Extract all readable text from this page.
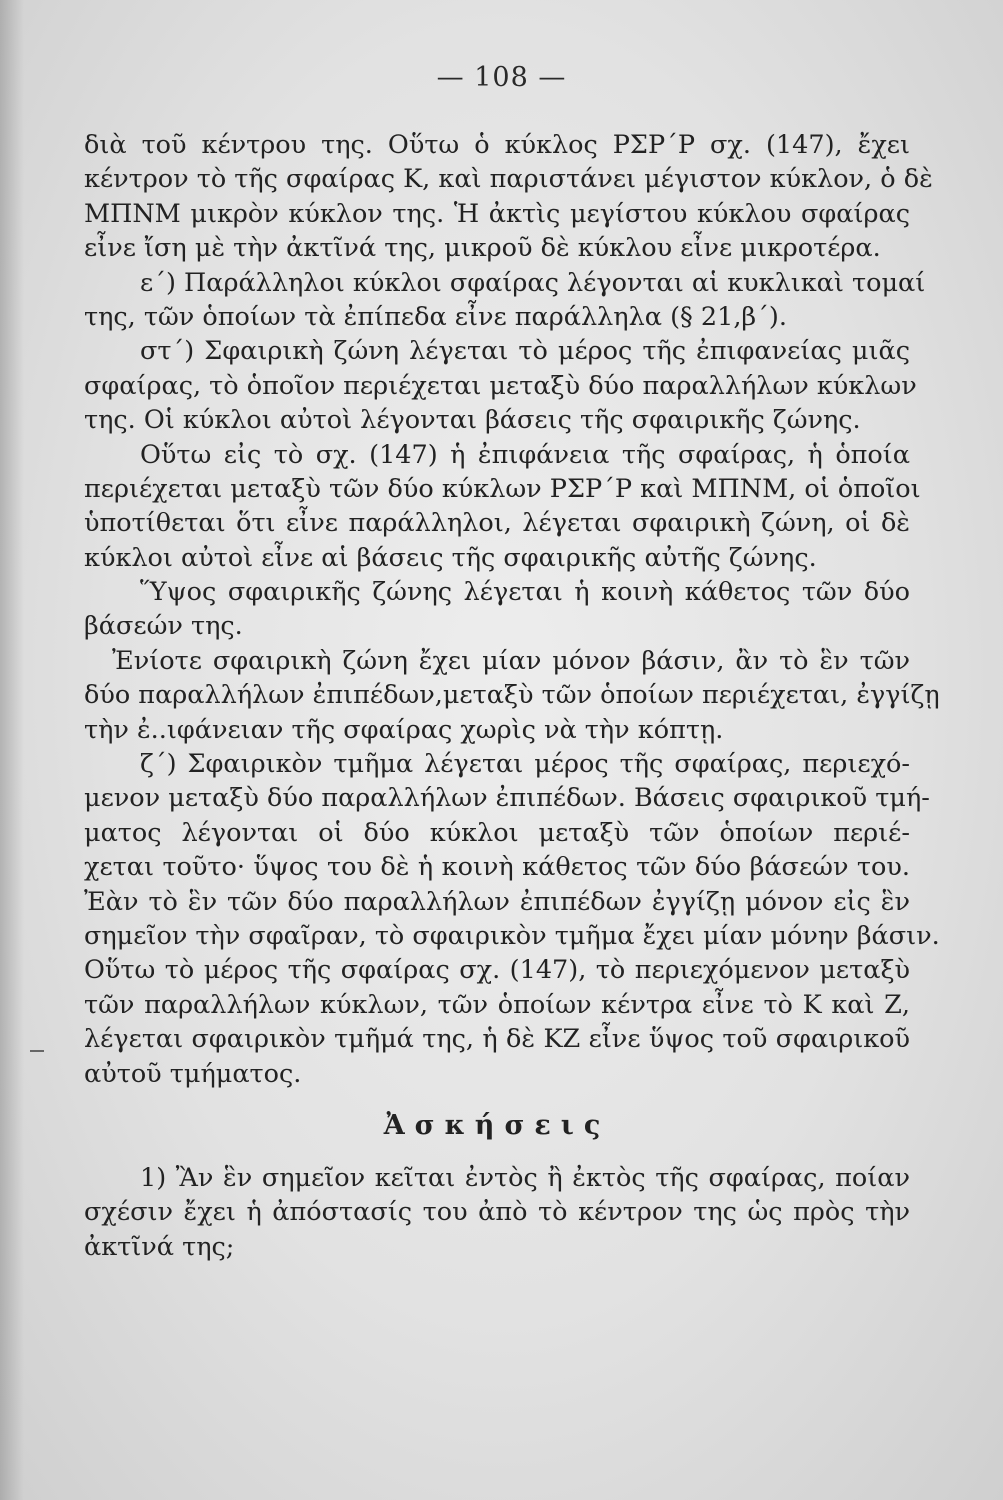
— 108 —
διὰ τοῦ κέντρου της. Οὕτω ὁ κύκλος ΡΣΡ΄Ρ σχ. (147), ἔχει
κέντρον τὸ τῆς σφαίρας Κ, καὶ παριστάνει μέγιστον κύκλον, ὁ δὲ
ΜΠΝΜ μικρὸν κύκλον της. Ἡ ἀκτὶς μεγίστου κύκλου σφαίρας
εἶνε ἴση μὲ τὴν ἀκτῖνά της, μικροῦ δὲ κύκλου εἶνε μικροτέρα.
ε΄) Παράλληλοι κύκλοι σφαίρας λέγονται αἱ κυκλικαὶ τομαί
της, τῶν ὁποίων τὰ ἐπίπεδα εἶνε παράλληλα (§ 21,β΄).
στ΄) Σφαιρικὴ ζώνη λέγεται τὸ μέρος τῆς ἐπιφανείας μιᾶς
σφαίρας, τὸ ὁποῖον περιέχεται μεταξὺ δύο παραλλήλων κύκλων
της. Οἱ κύκλοι αὐτοὶ λέγονται βάσεις τῆς σφαιρικῆς ζώνης.
Οὕτω εἰς τὸ σχ. (147) ἡ ἐπιφάνεια τῆς σφαίρας, ἡ ὁποία
περιέχεται μεταξὺ τῶν δύο κύκλων ΡΣΡ΄Ρ καὶ ΜΠΝΜ, οἱ ὁποῖοι
ὑποτίθεται ὅτι εἶνε παράλληλοι, λέγεται σφαιρικὴ ζώνη, οἱ δὲ
κύκλοι αὐτοὶ εἶνε αἱ βάσεις τῆς σφαιρικῆς αὐτῆς ζώνης.
Ὕψος σφαιρικῆς ζώνης λέγεται ἡ κοινὴ κάθετος τῶν δύο
βάσεών της.
Ἐνίοτε σφαιρικὴ ζώνη ἔχει μίαν μόνον βάσιν, ἂν τὸ ἓν τῶν
δύο παραλλήλων ἐπιπέδων,μεταξὺ τῶν ὁποίων περιέχεται, ἐγγίζῃ
τὴν ἐ..ιφάνειαν τῆς σφαίρας χωρὶς νὰ τὴν κόπτῃ.
ζ΄) Σφαιρικὸν τμῆμα λέγεται μέρος τῆς σφαίρας, περιεχό-
μενον μεταξὺ δύο παραλλήλων ἐπιπέδων. Βάσεις σφαιρικοῦ τμή-
ματος λέγονται οἱ δύο κύκλοι μεταξὺ τῶν ὁποίων περιέ-
χεται τοῦτο· ὕψος του δὲ ἡ κοινὴ κάθετος τῶν δύο βάσεών του.
Ἐὰν τὸ ἓν τῶν δύο παραλλήλων ἐπιπέδων ἐγγίζῃ μόνον εἰς ἓν
σημεῖον τὴν σφαῖραν, τὸ σφαιρικὸν τμῆμα ἔχει μίαν μόνην βάσιν.
Οὕτω τὸ μέρος τῆς σφαίρας σχ. (147), τὸ περιεχόμενον μεταξὺ
τῶν παραλλήλων κύκλων, τῶν ὁποίων κέντρα εἶνε τὸ Κ καὶ Ζ,
λέγεται σφαιρικὸν τμῆμά της, ἡ δὲ ΚΖ εἶνε ὕψος τοῦ σφαιρικοῦ
αὐτοῦ τμήματος.
Ἀσκήσεις
1) Ἂν ἓν σημεῖον κεῖται ἐντὸς ἢ ἐκτὸς τῆς σφαίρας, ποίαν
σχέσιν ἔχει ἡ ἀπόστασίς του ἀπὸ τὸ κέντρον της ὡς πρὸς τὴν
ἀκτῖνά της;
